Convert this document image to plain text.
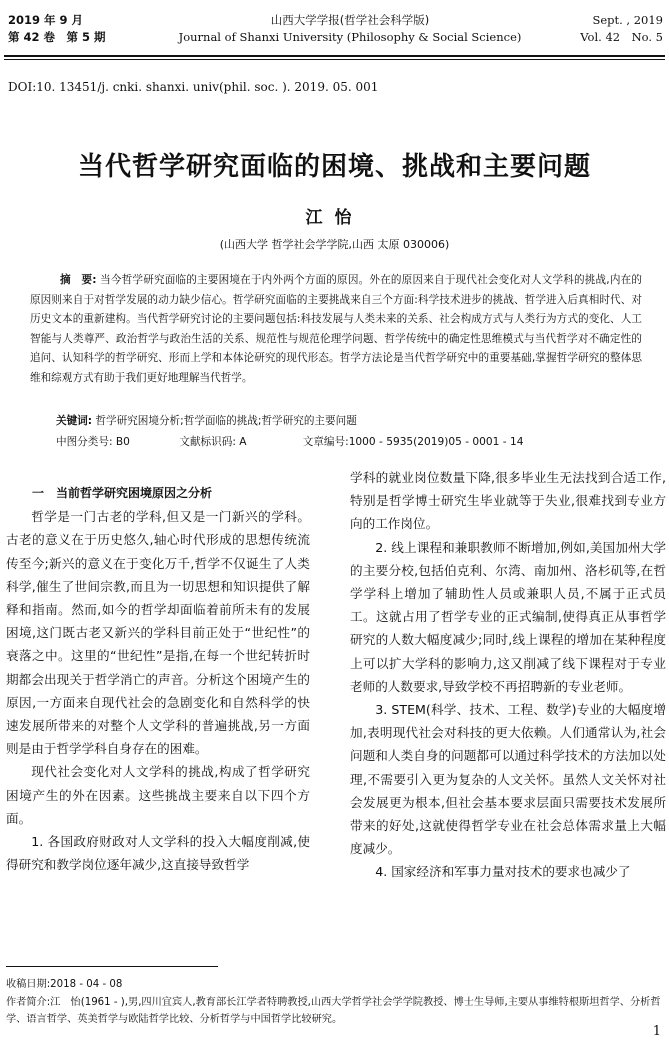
2019 年 9 月
第 42 卷　第 5 期
山西大学学报(哲学社会科学版)
Journal of Shanxi University (Philosophy & Social Science)
Sept. , 2019
Vol. 42　No. 5
DOI:10. 13451/j. cnki. shanxi. univ(phil. soc. ). 2019. 05. 001
当代哲学研究面临的困境、挑战和主要问题
江怡
(山西大学 哲学社会学学院,山西 太原 030006)
摘　要: 当今哲学研究面临的主要困境在于内外两个方面的原因。外在的原因来自于现代社会变化对人文学科的挑战,内在的原因则来自于对哲学发展的动力缺少信心。哲学研究面临的主要挑战来自三个方面:科学技术进步的挑战、哲学进入后真相时代、对历史文本的重新建构。当代哲学研究讨论的主要问题包括:科技发展与人类未来的关系、社会构成方式与人类行为方式的变化、人工智能与人类尊严、政治哲学与政治生活的关系、规范性与规范伦理学问题、哲学传统中的确定性思维模式与当代哲学对不确定性的追问、认知科学的哲学研究、形而上学和本体论研究的现代形态。哲学方法论是当代哲学研究中的重要基础,掌握哲学研究的整体思维和综观方式有助于我们更好地理解当代哲学。
关键词: 哲学研究困境分析;哲学面临的挑战;哲学研究的主要问题
中图分类号: B0	文献标识码: A	文章编号:1000 - 5935(2019)05 - 0001 - 14

一　当前哲学研究困境原因之分析

哲学是一门古老的学科,但又是一门新兴的学科。古老的意义在于历史悠久,轴心时代形成的思想传统流传至今;新兴的意义在于变化万千,哲学不仅诞生了人类科学,催生了世间宗教,而且为一切思想和知识提供了解释和指南。然而,如今的哲学却面临着前所未有的发展困境,这门既古老又新兴的学科目前正处于“世纪性”的衰落之中。这里的“世纪性”是指,在每一个世纪转折时期都会出现关于哲学消亡的声音。分析这个困境产生的原因,一方面来自现代社会的急剧变化和自然科学的快速发展所带来的对整个人文学科的普遍挑战,另一方面则是由于哲学学科自身存在的困难。

现代社会变化对人文学科的挑战,构成了哲学研究困境产生的外在因素。这些挑战主要来自以下四个方面。

1. 各国政府财政对人文学科的投入大幅度削减,使得研究和教学岗位逐年减少,这直接导致哲学

学科的就业岗位数量下降,很多毕业生无法找到合适工作,特别是哲学博士研究生毕业就等于失业,很难找到专业方向的工作岗位。

2. 线上课程和兼职教师不断增加,例如,美国加州大学的主要分校,包括伯克利、尔湾、南加州、洛杉矶等,在哲学学科上增加了辅助性人员或兼职人员,不属于正式员工。这就占用了哲学专业的正式编制,使得真正从事哲学研究的人数大幅度减少;同时,线上课程的增加在某种程度上可以扩大学科的影响力,这又削减了线下课程对于专业老师的人数要求,导致学校不再招聘新的专业老师。

3. STEM(科学、技术、工程、数学)专业的大幅度增加,表明现代社会对科技的更大依赖。人们通常认为,社会问题和人类自身的问题都可以通过科学技术的方法加以处理,不需要引入更为复杂的人文关怀。虽然人文关怀对社会发展更为根本,但社会基本要求层面只需要技术发展所带来的好处,这就使得哲学专业在社会总体需求量上大幅度减少。

4. 国家经济和军事力量对技术的要求也减少了

收稿日期:2018 - 04 - 08
作者简介:江　怡(1961 - ),男,四川宜宾人,教育部长江学者特聘教授,山西大学哲学社会学学院教授、博士生导师,主要从事维特根斯坦哲学、分析哲学、语言哲学、英美哲学与欧陆哲学比较、分析哲学与中国哲学比较研究。
1
